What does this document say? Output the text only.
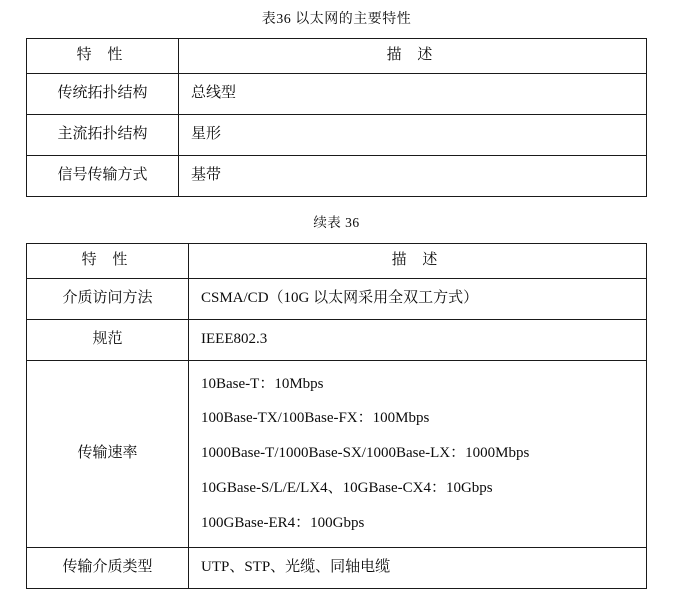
表36 以太网的主要特性
特 性	描 述
传统拓扑结构	总线型
主流拓扑结构	星形
信号传输方式	基带
续表 36
特 性	描 述
介质访问方法	CSMA/CD（10G 以太网采用全双工方式）
规范	IEEE802.3
传输速率	10Base-T：10Mbps
100Base-TX/100Base-FX：100Mbps
1000Base-T/1000Base-SX/1000Base-LX：1000Mbps
10GBase-S/L/E/LX4、10GBase-CX4：10Gbps
100GBase-ER4：100Gbps

传输介质类型	UTP、STP、光缆、同轴电缆
